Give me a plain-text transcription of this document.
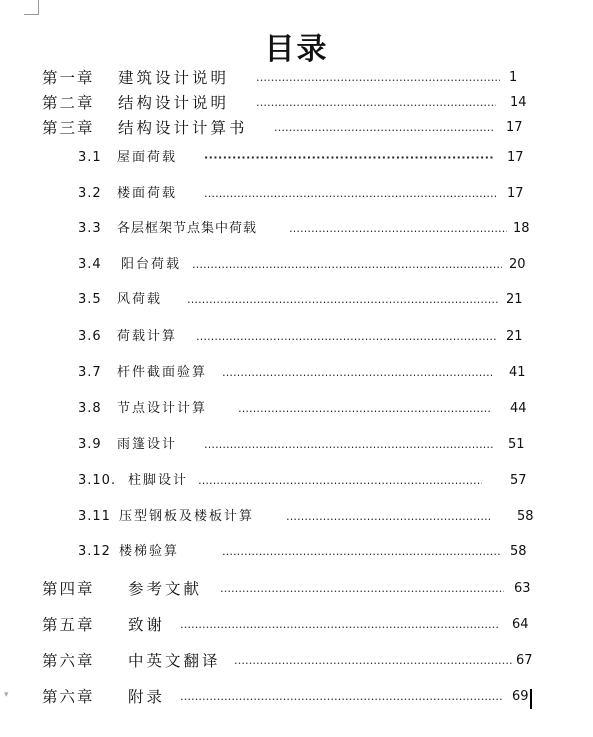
目录
第一章 建筑设计说明 …………………………………………………………………………………………………………………………………	1
第二章 结构设计说明 …………………………………………………………………………………………………………………………………	14
第三章 结构设计计算书 …………………………………………………………………………………………………………………………………	17
3.1 屋面荷载 ·····	17
3.2 楼面荷载 …………………………………………………………………………………………………………………………………	17
3.3 各层框架节点集中荷载 …………………………………………………………………………………………………………………………………	18
3.4 阳台荷载 …………………………………………………………………………………………………………………………………	20
3.5 风荷载 …………………………………………………………………………………………………………………………………	21
3.6 荷载计算 …………………………………………………………………………………………………………………………………	21
3.7 杆件截面验算 …………………………………………………………………………………………………………………………………	41
3.8 节点设计计算 …………………………………………………………………………………………………………………………………	44
3.9 雨篷设计 …………………………………………………………………………………………………………………………………	51
3.10. 柱脚设计 …………………………………………………………………………………………………………………………………	57
3.11 压型钢板及楼板计算 …………………………………………………………………………………………………………………………………	58
3.12 楼梯验算 …………………………………………………………………………………………………………………………………	58
第四章 参考文献 …………………………………………………………………………………………………………………………………	63
第五章 致谢 …………………………………………………………………………………………………………………………………	64
第六章 中英文翻译 …………………………………………………………………………………………………………………………………	67
第六章 附录 …………………………………………………………………………………………………………………………………	69
▾
